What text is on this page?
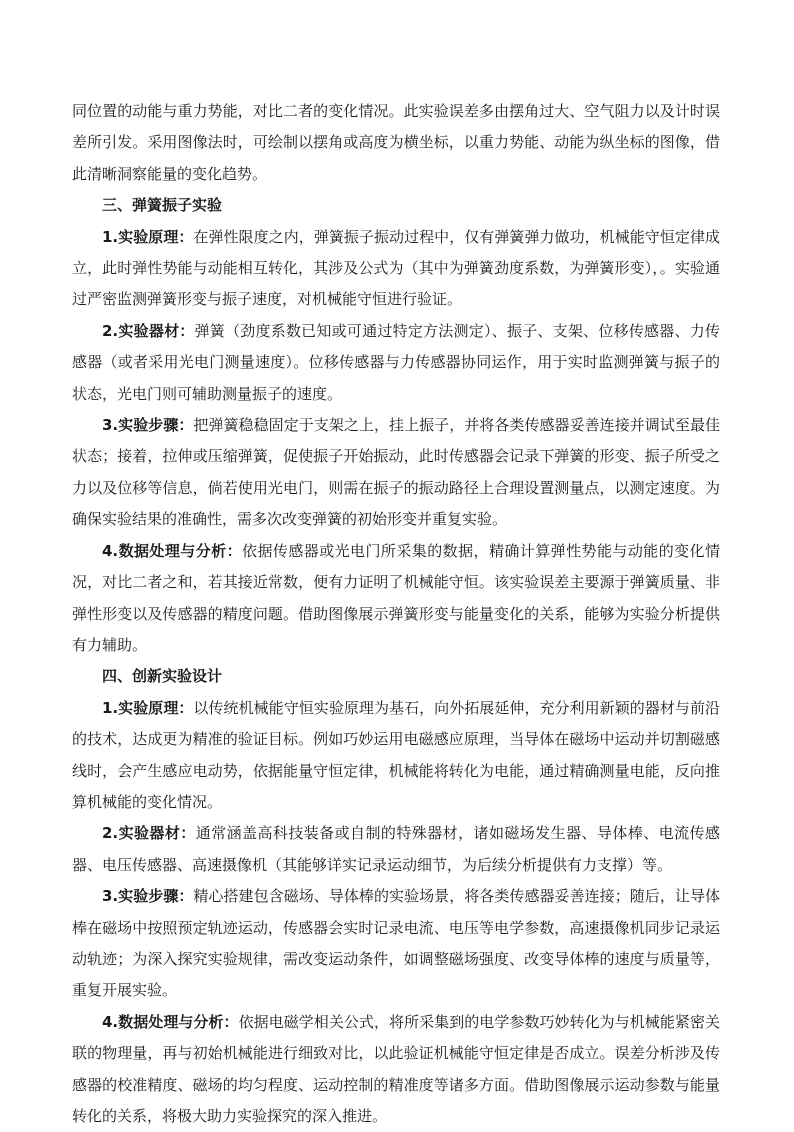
同位置的动能与重力势能，对比二者的变化情况。此实验误差多由摆角过大、空气阻力以及计时误差所引发。采用图像法时，可绘制以摆角或高度为横坐标，以重力势能、动能为纵坐标的图像，借此清晰洞察能量的变化趋势。

三、弹簧振子实验

1.实验原理：在弹性限度之内，弹簧振子振动过程中，仅有弹簧弹力做功，机械能守恒定律成立，此时弹性势能与动能相互转化，其涉及公式为（其中为弹簧劲度系数，为弹簧形变），。实验通过严密监测弹簧形变与振子速度，对机械能守恒进行验证。

2.实验器材：弹簧（劲度系数已知或可通过特定方法测定）、振子、支架、位移传感器、力传感器（或者采用光电门测量速度）。位移传感器与力传感器协同运作，用于实时监测弹簧与振子的状态，光电门则可辅助测量振子的速度。

3.实验步骤：把弹簧稳稳固定于支架之上，挂上振子，并将各类传感器妥善连接并调试至最佳状态；接着，拉伸或压缩弹簧，促使振子开始振动，此时传感器会记录下弹簧的形变、振子所受之力以及位移等信息，倘若使用光电门，则需在振子的振动路径上合理设置测量点，以测定速度。为确保实验结果的准确性，需多次改变弹簧的初始形变并重复实验。

4.数据处理与分析：依据传感器或光电门所采集的数据，精确计算弹性势能与动能的变化情况，对比二者之和，若其接近常数，便有力证明了机械能守恒。该实验误差主要源于弹簧质量、非弹性形变以及传感器的精度问题。借助图像展示弹簧形变与能量变化的关系，能够为实验分析提供有力辅助。

四、创新实验设计

1.实验原理：以传统机械能守恒实验原理为基石，向外拓展延伸，充分利用新颖的器材与前沿的技术，达成更为精准的验证目标。例如巧妙运用电磁感应原理，当导体在磁场中运动并切割磁感线时，会产生感应电动势，依据能量守恒定律，机械能将转化为电能，通过精确测量电能，反向推算机械能的变化情况。

2.实验器材：通常涵盖高科技装备或自制的特殊器材，诸如磁场发生器、导体棒、电流传感器、电压传感器、高速摄像机（其能够详实记录运动细节，为后续分析提供有力支撑）等。

3.实验步骤：精心搭建包含磁场、导体棒的实验场景，将各类传感器妥善连接；随后，让导体棒在磁场中按照预定轨迹运动，传感器会实时记录电流、电压等电学参数，高速摄像机同步记录运动轨迹；为深入探究实验规律，需改变运动条件，如调整磁场强度、改变导体棒的速度与质量等，重复开展实验。

4.数据处理与分析：依据电磁学相关公式，将所采集到的电学参数巧妙转化为与机械能紧密关联的物理量，再与初始机械能进行细致对比，以此验证机械能守恒定律是否成立。误差分析涉及传感器的校准精度、磁场的均匀程度、运动控制的精准度等诸多方面。借助图像展示运动参数与能量转化的关系，将极大助力实验探究的深入推进。
